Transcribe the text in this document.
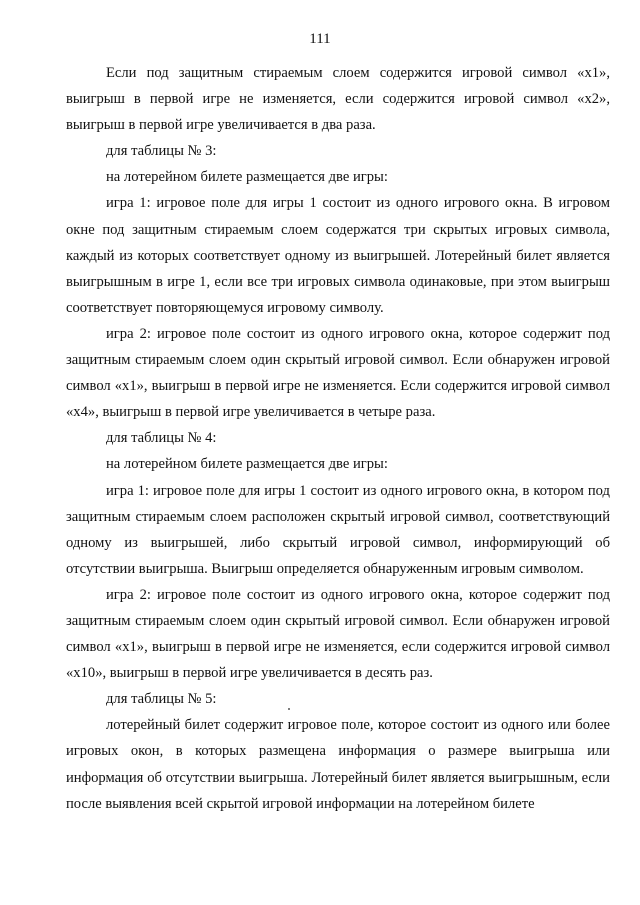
111

Если под защитным стираемым слоем содержится игровой символ «x1», выигрыш в первой игре не изменяется, если содержится игровой символ «x2», выигрыш в первой игре увеличивается в два раза.

для таблицы № 3:

на лотерейном билете размещается две игры:

игра 1: игровое поле для игры 1 состоит из одного игрового окна. В игровом окне под защитным стираемым слоем содержатся три скрытых игровых символа, каждый из которых соответствует одному из выигрышей. Лотерейный билет является выигрышным в игре 1, если все три игровых символа одинаковые, при этом выигрыш соответствует повторяющемуся игровому символу.

игра 2: игровое поле состоит из одного игрового окна, которое содержит под защитным стираемым слоем один скрытый игровой символ. Если обнаружен игровой символ «x1», выигрыш в первой игре не изменяется. Если содержится игровой символ «x4», выигрыш в первой игре увеличивается в четыре раза.

для таблицы № 4:

на лотерейном билете размещается две игры:

игра 1: игровое поле для игры 1 состоит из одного игрового окна, в котором под защитным стираемым слоем расположен скрытый игровой символ, соответствующий одному из выигрышей, либо скрытый игровой символ, информирующий об отсутствии выигрыша. Выигрыш определяется обнаруженным игровым символом.

игра 2: игровое поле состоит из одного игрового окна, которое содержит под защитным стираемым слоем один скрытый игровой символ. Если обнаружен игровой символ «x1», выигрыш в первой игре не изменяется, если содержится игровой символ «x10», выигрыш в первой игре увеличивается в десять раз.

для таблицы № 5:

лотерейный билет содержит игровое поле, которое состоит из одного или более игровых окон, в которых размещена информация о размере выигрыша или информация об отсутствии выигрыша. Лотерейный билет является выигрышным, если после выявления всей скрытой игровой информации на лотерейном билете
